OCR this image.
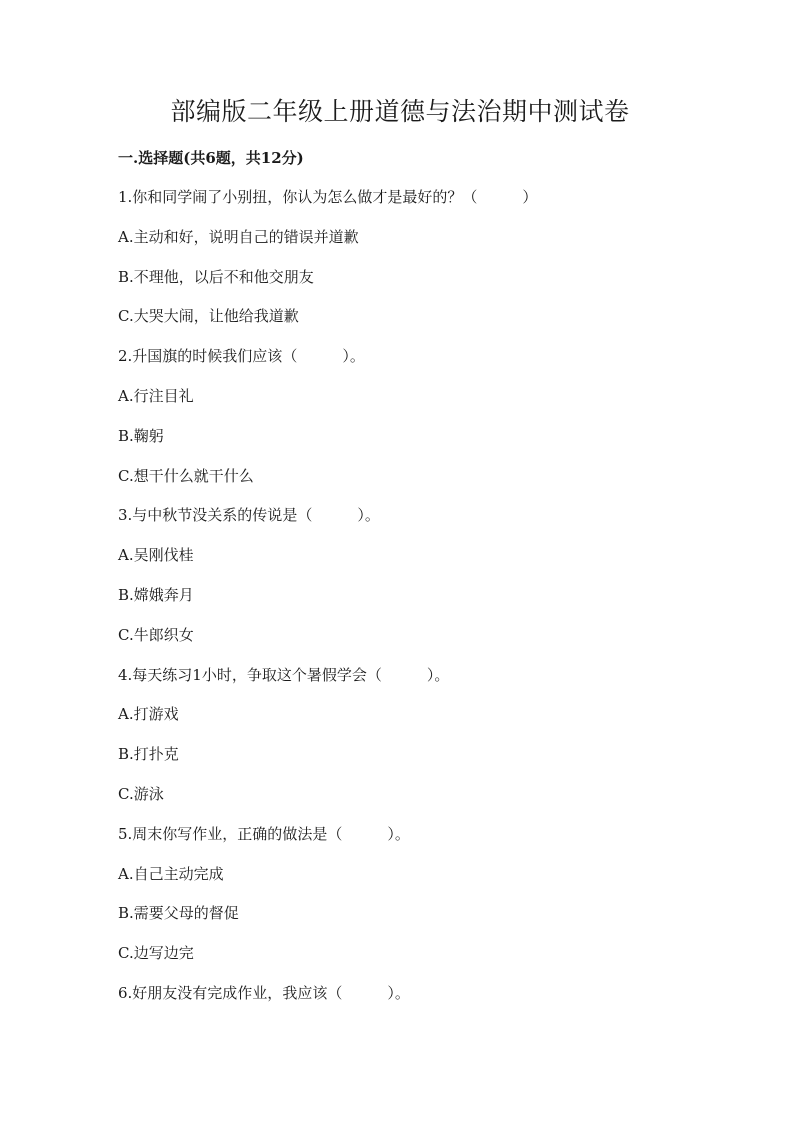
部编版二年级上册道德与法治期中测试卷
一.选择题(共6题，共12分)
1.你和同学闹了小别扭，你认为怎么做才是最好的？（　　　）
A.主动和好，说明自己的错误并道歉
B.不理他，以后不和他交朋友
C.大哭大闹，让他给我道歉
2.升国旗的时候我们应该（　　　）。
A.行注目礼
B.鞠躬
C.想干什么就干什么
3.与中秋节没关系的传说是（　　　）。
A.吴刚伐桂
B.嫦娥奔月
C.牛郎织女
4.每天练习1小时，争取这个暑假学会（　　　）。
A.打游戏
B.打扑克
C.游泳
5.周末你写作业，正确的做法是（　　　）。
A.自己主动完成
B.需要父母的督促
C.边写边完
6.好朋友没有完成作业，我应该（　　　）。
